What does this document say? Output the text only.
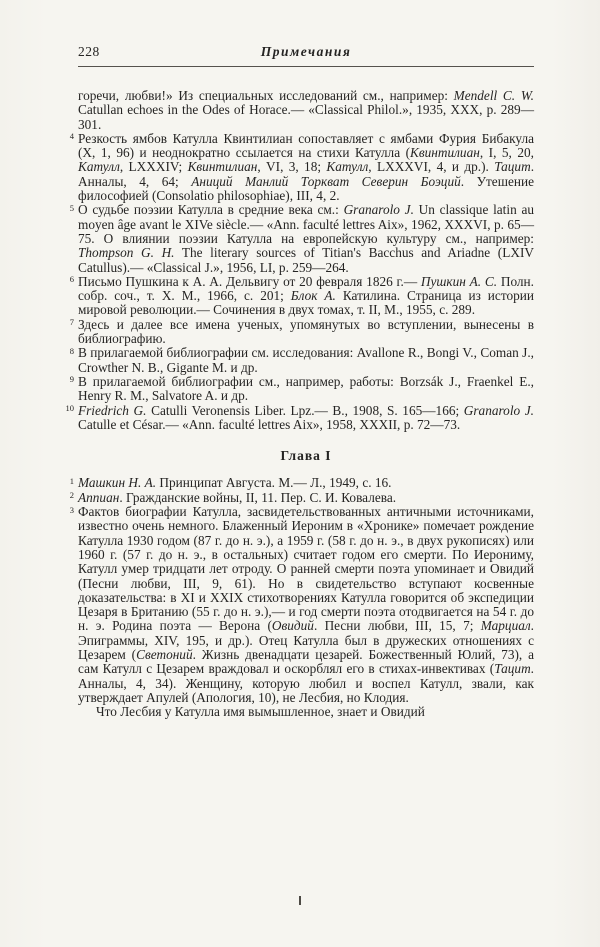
228	Примечания

горечи, любви!» Из специальных исследований см., например: Mendell C. W. Catullan echoes in the Odes of Horace.— «Classical Philol.», 1935, XXX, p. 289—301.

4 Резкость ямбов Катулла Квинтилиан сопоставляет с ямбами Фурия Бибакула (X, 1, 96) и неоднократно ссылается на стихи Катулла (Квинтилиан, I, 5, 20, Катулл, LXXXIV; Квинтилиан, VI, 3, 18; Катулл, LXXXVI, 4, и др.). Тацит. Анналы, 4, 64; Аниций Манлий Торкват Северин Боэций. Утешение философией (Consolatio philosophiae), III, 4, 2.

5 О судьбе поэзии Катулла в средние века см.: Granarolo J. Un classique latin au moyen âge avant le XIVe siècle.— «Ann. faculté lettres Aix», 1962, XXXVI, p. 65—75. О влиянии поэзии Катулла на европейскую культуру см., например: Thompson G. H. The literary sources of Titian's Bacchus and Ariadne (LXIV Catullus).— «Classical J.», 1956, LI, p. 259—264.

6 Письмо Пушкина к А. А. Дельвигу от 20 февраля 1826 г.— Пушкин А. С. Полн. собр. соч., т. X. М., 1966, с. 201; Блок А. Катилина. Страница из истории мировой революции.— Сочинения в двух томах, т. II, М., 1955, с. 289.

7 Здесь и далее все имена ученых, упомянутых во вступлении, вынесены в библиографию.

8 В прилагаемой библиографии см. исследования: Avallone R., Bongi V., Coman J., Crowther N. B., Gigante M. и др.

9 В прилагаемой библиографии см., например, работы: Borzsák J., Fraenkel E., Henry R. M., Salvatore A. и др.

10 Friedrich G. Catulli Veronensis Liber. Lpz.— B., 1908, S. 165—166; Granarolo J. Catulle et César.— «Ann. faculté lettres Aix», 1958, XXXII, p. 72—73.

Глава I

1 Машкин Н. А. Принципат Августа. М.— Л., 1949, с. 16.

2 Аппиан. Гражданские войны, II, 11. Пер. С. И. Ковалева.

3 Фактов биографии Катулла, засвидетельствованных античными источниками, известно очень немного. Блаженный Иероним в «Хронике» помечает рождение Катулла 1930 годом (87 г. до н. э.), а 1959 г. (58 г. до н. э., в двух рукописях) или 1960 г. (57 г. до н. э., в остальных) считает годом его смерти. По Иерониму, Катулл умер тридцати лет отроду. О ранней смерти поэта упоминает и Овидий (Песни любви, III, 9, 61). Но в свидетельство вступают косвенные доказательства: в XI и XXIX стихотворениях Катулла говорится об экспедиции Цезаря в Британию (55 г. до н. э.),— и год смерти поэта отодвигается на 54 г. до н. э. Родина поэта — Верона (Овидий. Песни любви, III, 15, 7; Марциал. Эпиграммы, XIV, 195, и др.). Отец Катулла был в дружеских отношениях с Цезарем (Светоний. Жизнь двенадцати цезарей. Божественный Юлий, 73), а сам Катулл с Цезарем враждовал и оскорблял его в стихах-инвективах (Тацит. Анналы, 4, 34). Женщину, которую любил и воспел Катулл, звали, как утверждает Апулей (Апология, 10), не Лесбия, но Клодия.

Что Лесбия у Катулла имя вымышленное, знает и Овидий
